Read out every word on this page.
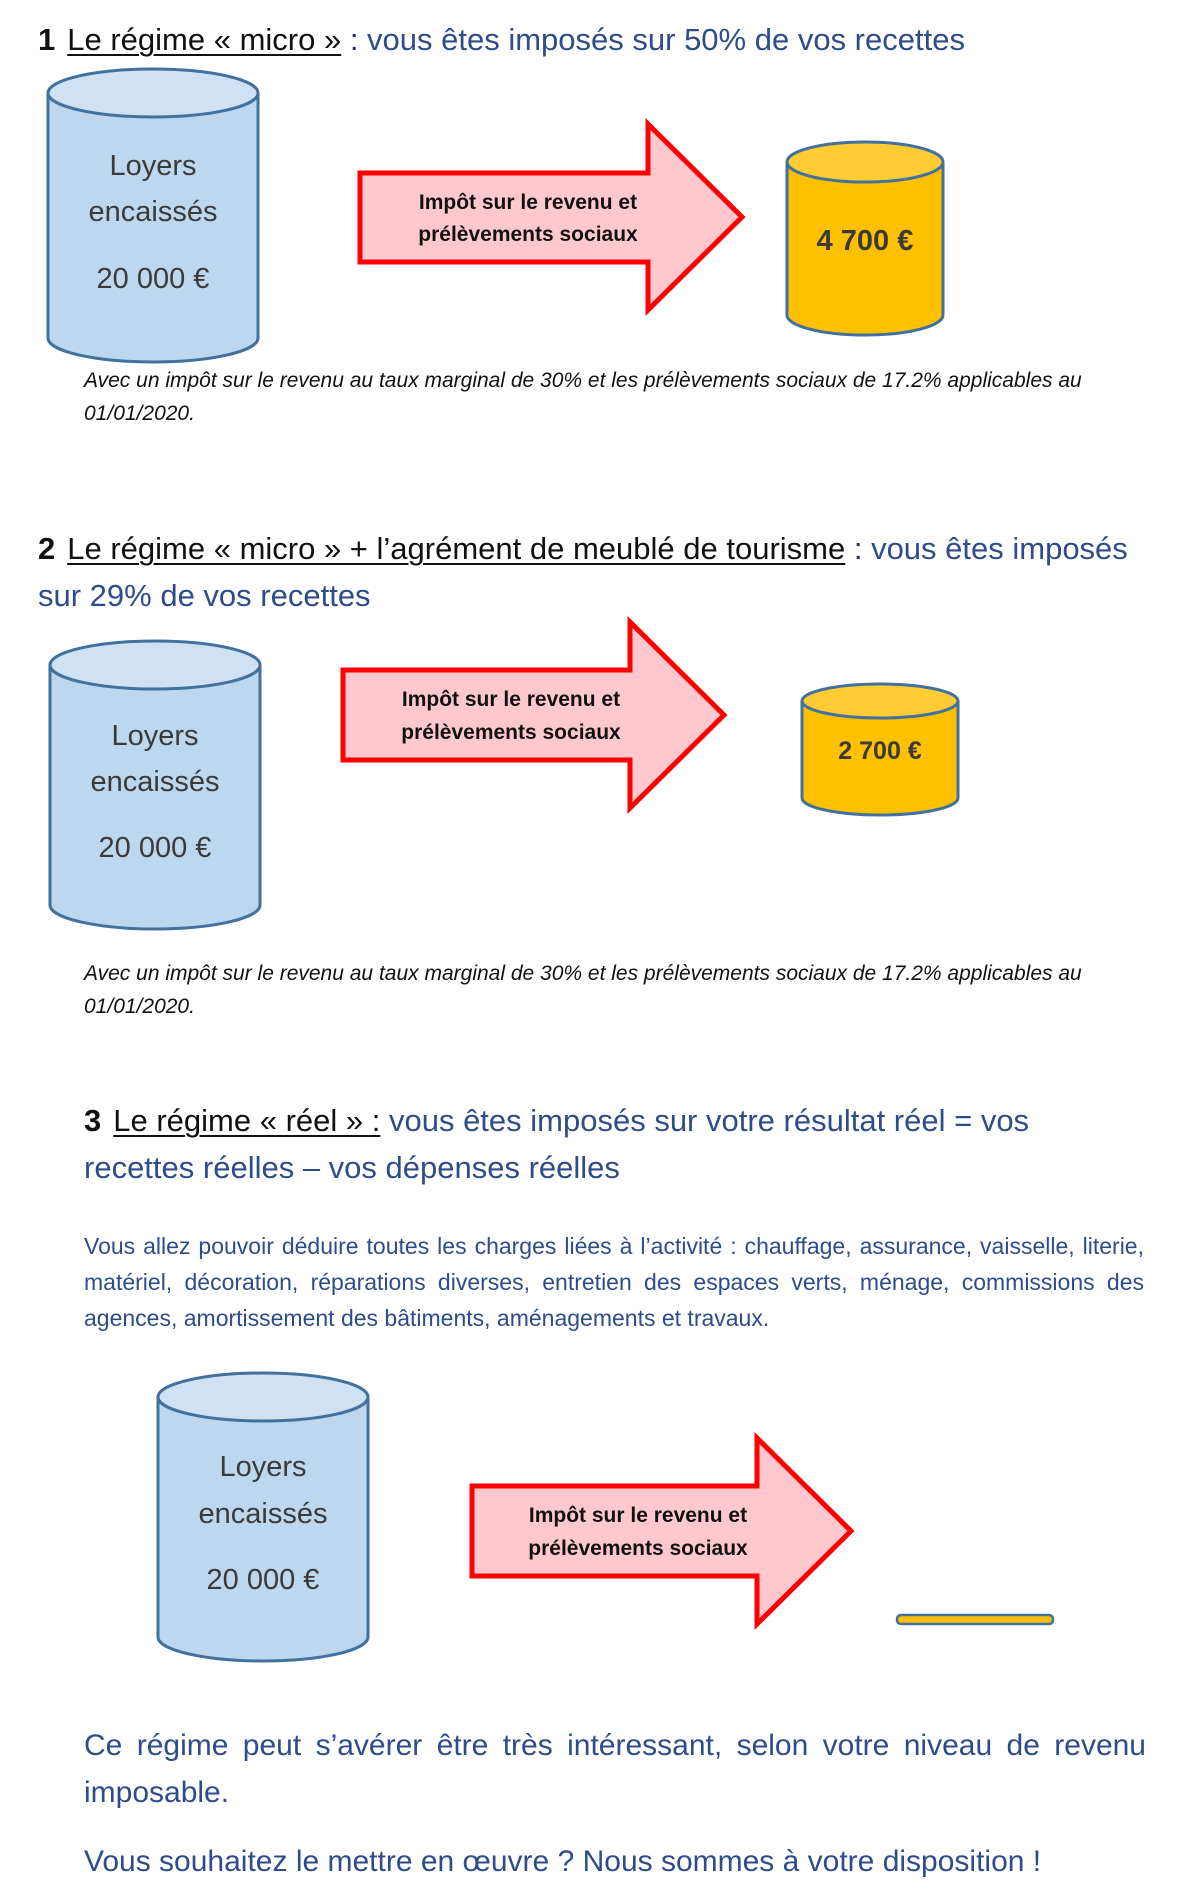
1 Le régime « micro » : vous êtes imposés sur 50% de vos recettes
2 Le régime « micro » + l’agrément de meublé de tourisme : vous êtes imposés sur 29% de vos recettes
3 Le régime « réel » : vous êtes imposés sur votre résultat réel = vos recettes réelles – vos dépenses réelles
Avec un impôt sur le revenu au taux marginal de 30% et les prélèvements sociaux de 17.2% applicables au 01/01/2020.
Avec un impôt sur le revenu au taux marginal de 30% et les prélèvements sociaux de 17.2% applicables au 01/01/2020.
Vous allez pouvoir déduire toutes les charges liées à l’activité : chauffage, assurance, vaisselle, literie, matériel, décoration, réparations diverses, entretien des espaces verts, ménage, commissions des agences, amortissement des bâtiments, aménagements et travaux.
Ce régime peut s’avérer être très intéressant, selon votre niveau de revenu imposable.
Vous souhaitez le mettre en œuvre ? Nous sommes à votre disposition !
Loyers
encaissés
20 000 €
Impôt sur le revenu et
prélèvements sociaux	4 700 €
Loyers
encaissés
20 000 €
Impôt sur le revenu et
prélèvements sociaux
2 700 €
Loyers
encaissés
20 000 €
Impôt sur le revenu et
prélèvements sociaux
